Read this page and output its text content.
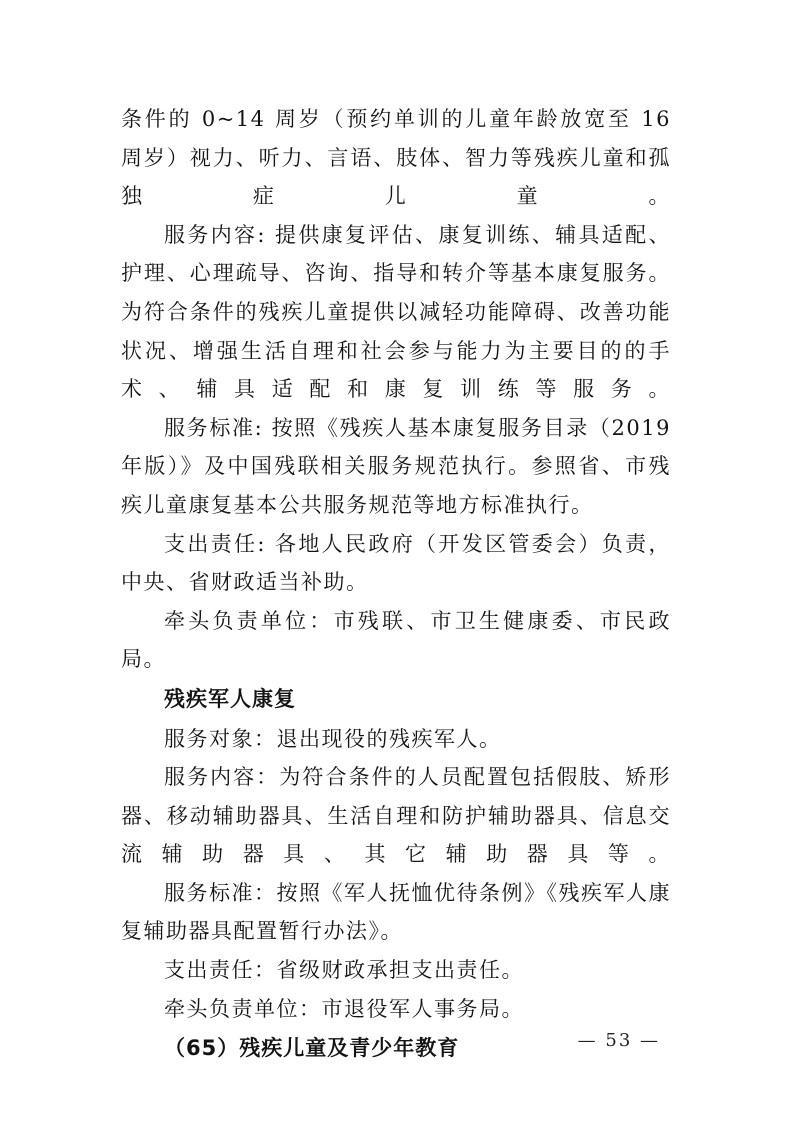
条件的 0~14 周岁（预约单训的儿童年龄放宽至 16 周岁）视力、听力、言语、肢体、智力等残疾儿童和孤独症儿童。

服务内容: 提供康复评估、康复训练、辅具适配、护理、心理疏导、咨询、指导和转介等基本康复服务。为符合条件的残疾儿童提供以减轻功能障碍、改善功能状况、增强生活自理和社会参与能力为主要目的的手术、辅具适配和康复训练等服务。

服务标准: 按照《残疾人基本康复服务目录（2019 年版）》及中国残联相关服务规范执行。参照省、市残疾儿童康复基本公共服务规范等地方标准执行。

支出责任: 各地人民政府（开发区管委会）负责，中央、省财政适当补助。

牵头负责单位：市残联、市卫生健康委、市民政局。

残疾军人康复

服务对象：退出现役的残疾军人。

服务内容：为符合条件的人员配置包括假肢、矫形器、移动辅助器具、生活自理和防护辅助器具、信息交流辅助器具、其它辅助器具等。

服务标准：按照《军人抚恤优待条例》《残疾军人康复辅助器具配置暂行办法》。

支出责任：省级财政承担支出责任。

牵头负责单位：市退役军人事务局。

（65）残疾儿童及青少年教育	— 53 —
